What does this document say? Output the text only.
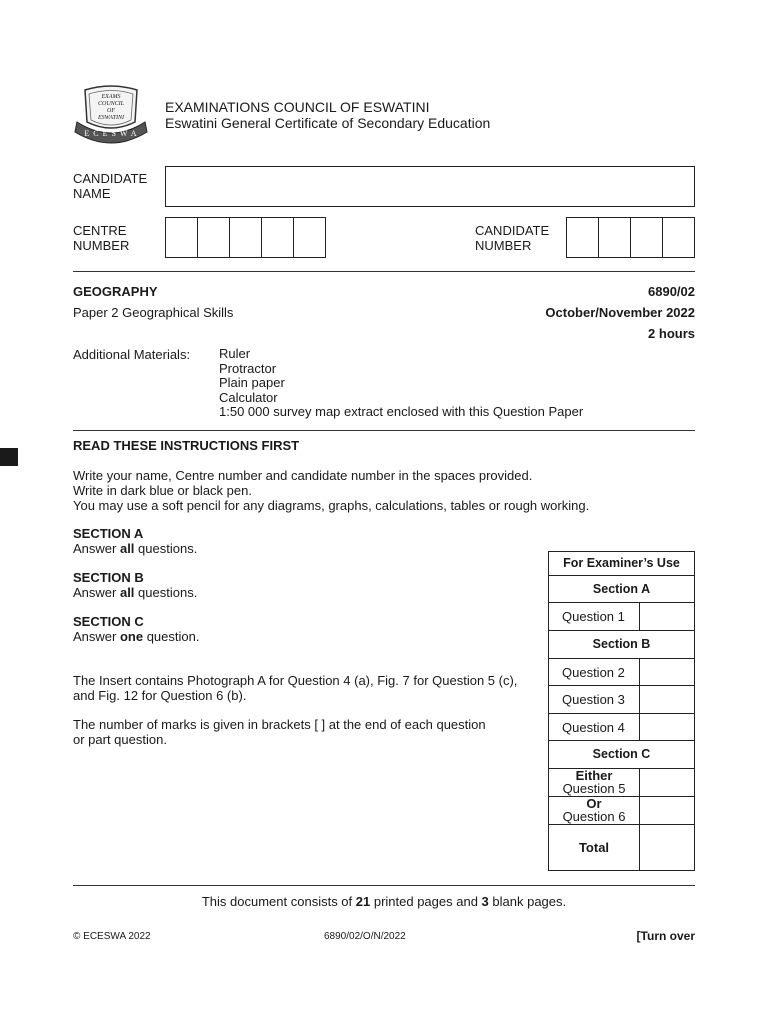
EXAMS
COUNCIL
OF
ESWATINI
E C E S W A
EXAMINATIONS COUNCIL OF ESWATINI
Eswatini General Certificate of Secondary Education
CANDIDATE
NAME
CENTRE
NUMBER
CANDIDATE
NUMBER
GEOGRAPHY	6890/02
Paper 2 Geographical Skills	October/November 2022
2 hours
Additional Materials: Ruler
Protractor
Plain paper
Calculator
1:50 000 survey map extract enclosed with this Question Paper
READ THESE INSTRUCTIONS FIRST
Write your name, Centre number and candidate number in the spaces provided.
Write in dark blue or black pen.
You may use a soft pencil for any diagrams, graphs, calculations, tables or rough working.
SECTION A
Answer all questions.
SECTION B
Answer all questions.
SECTION C
Answer one question.
The Insert contains Photograph A for Question 4 (a), Fig. 7 for Question 5 (c),
and Fig. 12 for Question 6 (b).
The number of marks is given in brackets [ ] at the end of each question
or part question.
For Examiner’s Use
Section A
Question 1
Section B
Question 2
Question 3
Question 4
Section C
Either
Question 5
Or
Question 6
Total
This document consists of 21 printed pages and 3 blank pages.
© ECESWA 2022	6890/02/O/N/2022	[Turn over
